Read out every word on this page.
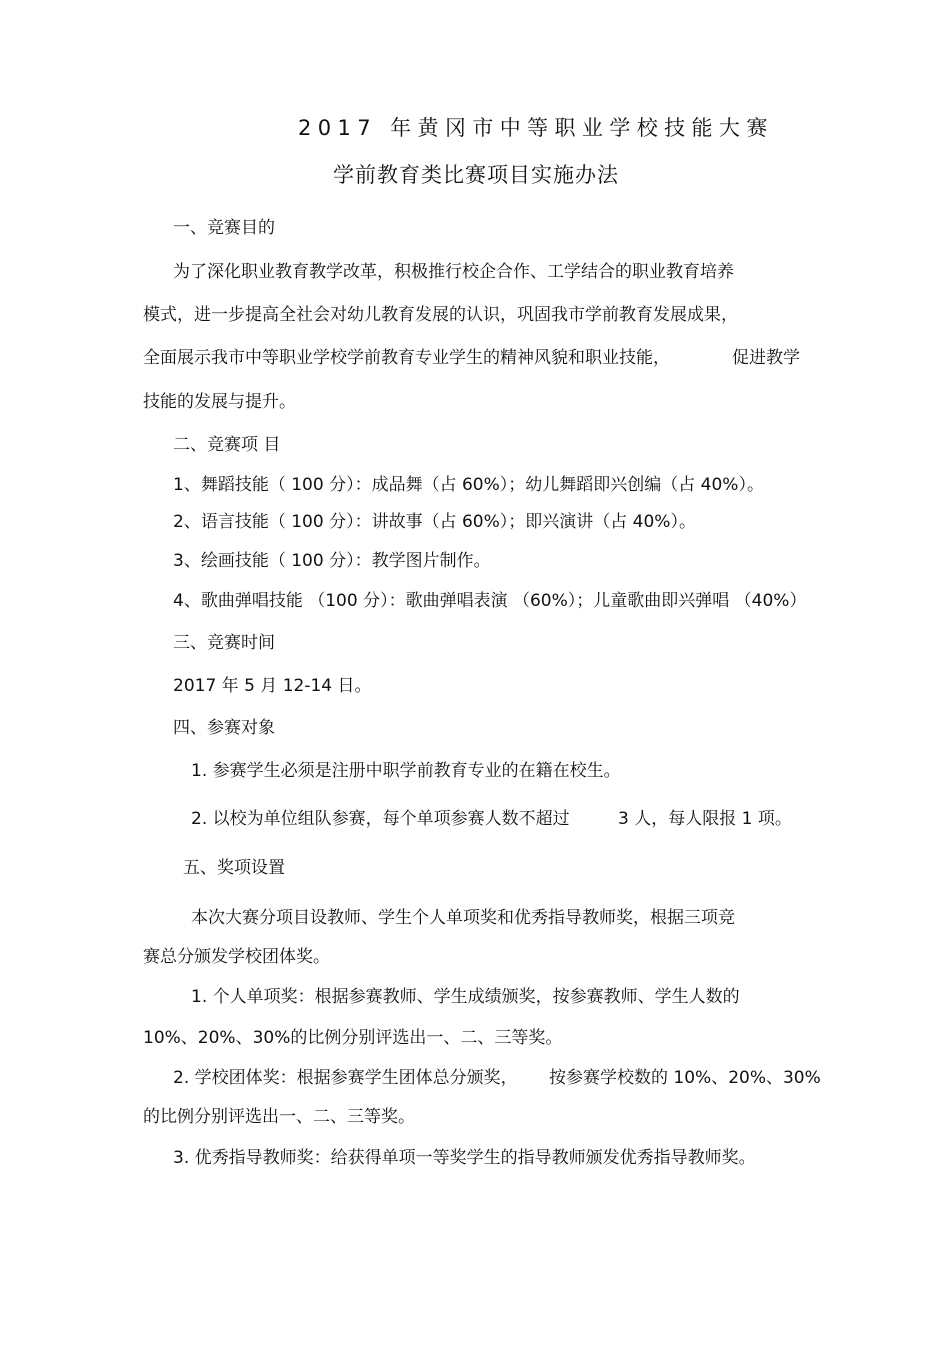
2017 年黄冈市中等职业学校技能大赛
学前教育类比赛项目实施办法
一、竞赛目的
为了深化职业教育教学改革，积极推行校企合作、工学结合的职业教育培养
模式，进一步提高全社会对幼儿教育发展的认识，巩固我市学前教育发展成果，
全面展示我市中等职业学校学前教育专业学生的精神风貌和职业技能，	促进教学
技能的发展与提升。
二、竞赛项 目
1、舞蹈技能（ 100 分）：成品舞（占 60%）；幼儿舞蹈即兴创编（占 40%）。
2、语言技能（ 100 分）：讲故事（占 60%）；即兴演讲（占 40%）。
3、绘画技能（ 100 分）：教学图片制作。
4、歌曲弹唱技能 （100 分）：歌曲弹唱表演 （60%）；儿童歌曲即兴弹唱 （40%）
三、竞赛时间
2017 年 5 月 12-14 日。
四、参赛对象
1. 参赛学生必须是注册中职学前教育专业的在籍在校生。
2. 以校为单位组队参赛，每个单项参赛人数不超过	3 人，每人限报 1 项。
五、奖项设置
本次大赛分项目设教师、学生个人单项奖和优秀指导教师奖，根据三项竞
赛总分颁发学校团体奖。
1. 个人单项奖：根据参赛教师、学生成绩颁奖，按参赛教师、学生人数的
10%、20%、30%的比例分别评选出一、二、三等奖。
2. 学校团体奖：根据参赛学生团体总分颁奖， 按参赛学校数的 10%、20%、30%
的比例分别评选出一、二、三等奖。
3. 优秀指导教师奖：给获得单项一等奖学生的指导教师颁发优秀指导教师奖。
